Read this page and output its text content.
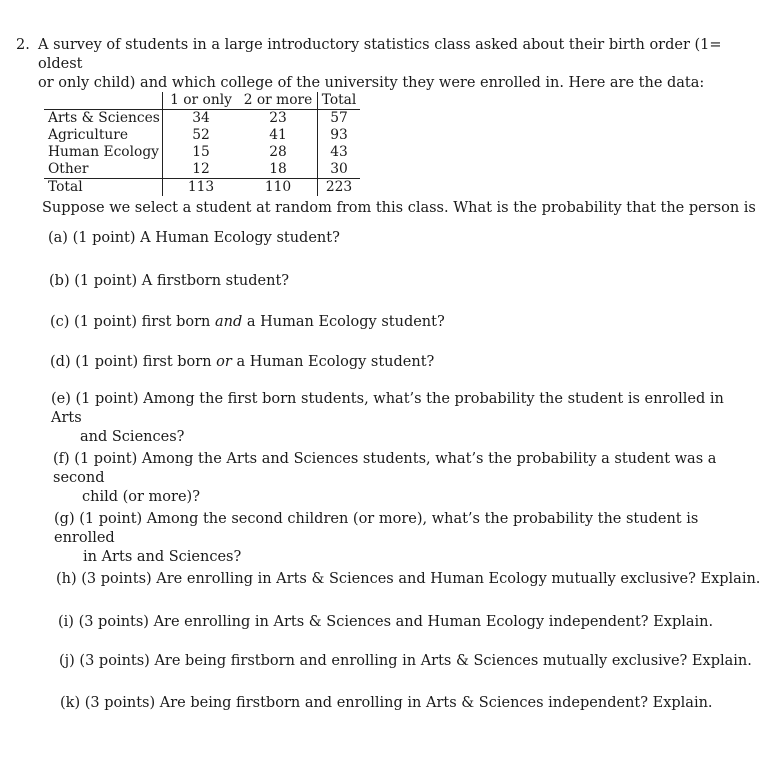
2. A survey of students in a large introductory statistics class asked about their birth order (1= oldest
or only child) and which college of the university they were enrolled in. Here are the data:
	1 or only	2 or more	Total
Arts & Sciences	34	23	57
Agriculture	52	41	93
Human Ecology	15	28	43
Other	12	18	30
Total	113	110	223
Suppose we select a student at random from this class. What is the probability that the person is
(a) (1 point) A Human Ecology student?
(b) (1 point) A firstborn student?
(c) (1 point) first born and a Human Ecology student?
(d) (1 point) first born or a Human Ecology student?
(e) (1 point) Among the first born students, what’s the probability the student is enrolled in Arts
and Sciences?
(f) (1 point) Among the Arts and Sciences students, what’s the probability a student was a second
child (or more)?
(g) (1 point) Among the second children (or more), what’s the probability the student is enrolled
in Arts and Sciences?
(h) (3 points) Are enrolling in Arts & Sciences and Human Ecology mutually exclusive? Explain.
(i) (3 points) Are enrolling in Arts & Sciences and Human Ecology independent? Explain.
(j) (3 points) Are being firstborn and enrolling in Arts & Sciences mutually exclusive? Explain.
(k) (3 points) Are being firstborn and enrolling in Arts & Sciences independent? Explain.
